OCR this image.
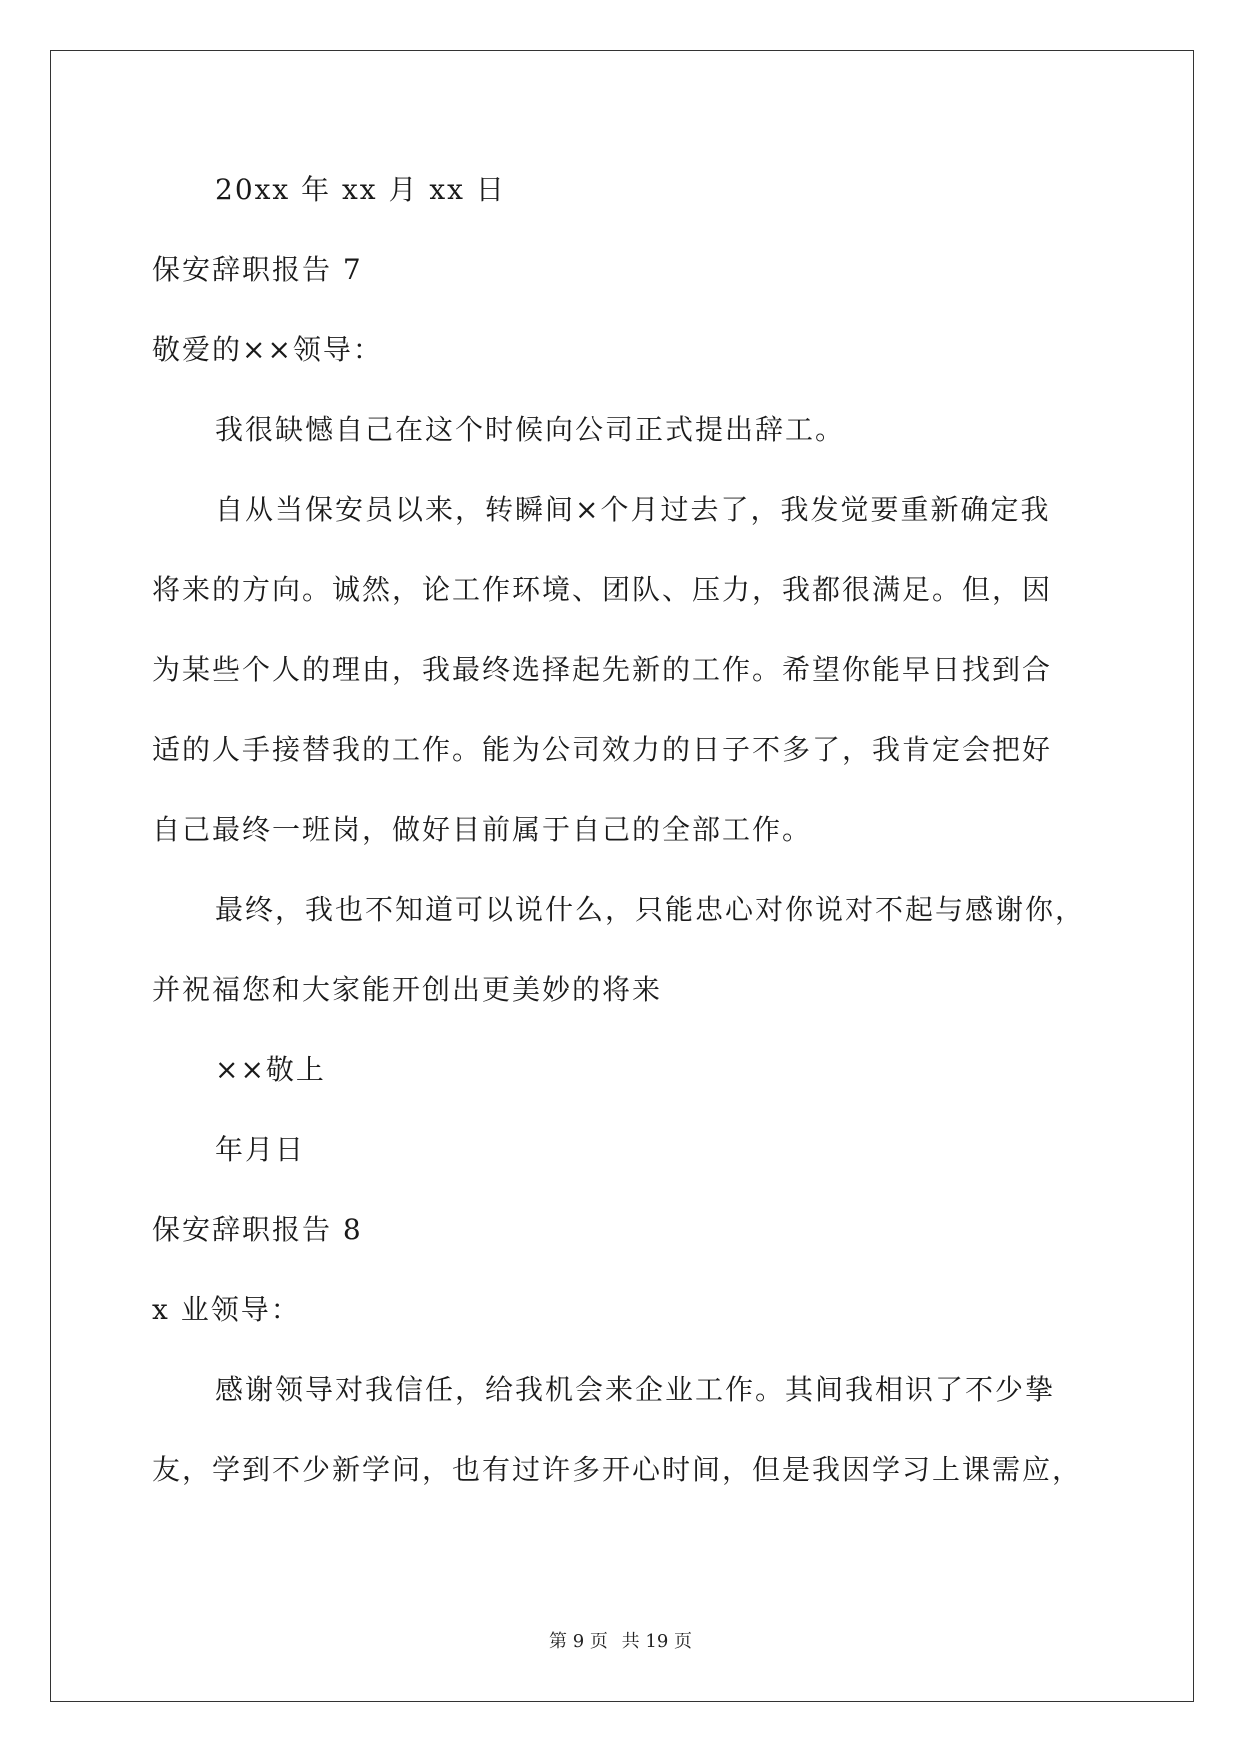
20xx 年 xx 月 xx 日
保安辞职报告 7
敬爱的××领导：
我很缺憾自己在这个时候向公司正式提出辞工。
自从当保安员以来，转瞬间×个月过去了，我发觉要重新确定我
将来的方向。诚然，论工作环境、团队、压力，我都很满足。但，因
为某些个人的理由，我最终选择起先新的工作。希望你能早日找到合
适的人手接替我的工作。能为公司效力的日子不多了，我肯定会把好
自己最终一班岗，做好目前属于自己的全部工作。
最终，我也不知道可以说什么，只能忠心对你说对不起与感谢你，
并祝福您和大家能开创出更美妙的将来
××敬上
年月日
保安辞职报告 8
x 业领导：
感谢领导对我信任，给我机会来企业工作。其间我相识了不少挚
友，学到不少新学问，也有过许多开心时间，但是我因学习上课需应，
第 9 页 共 19 页
